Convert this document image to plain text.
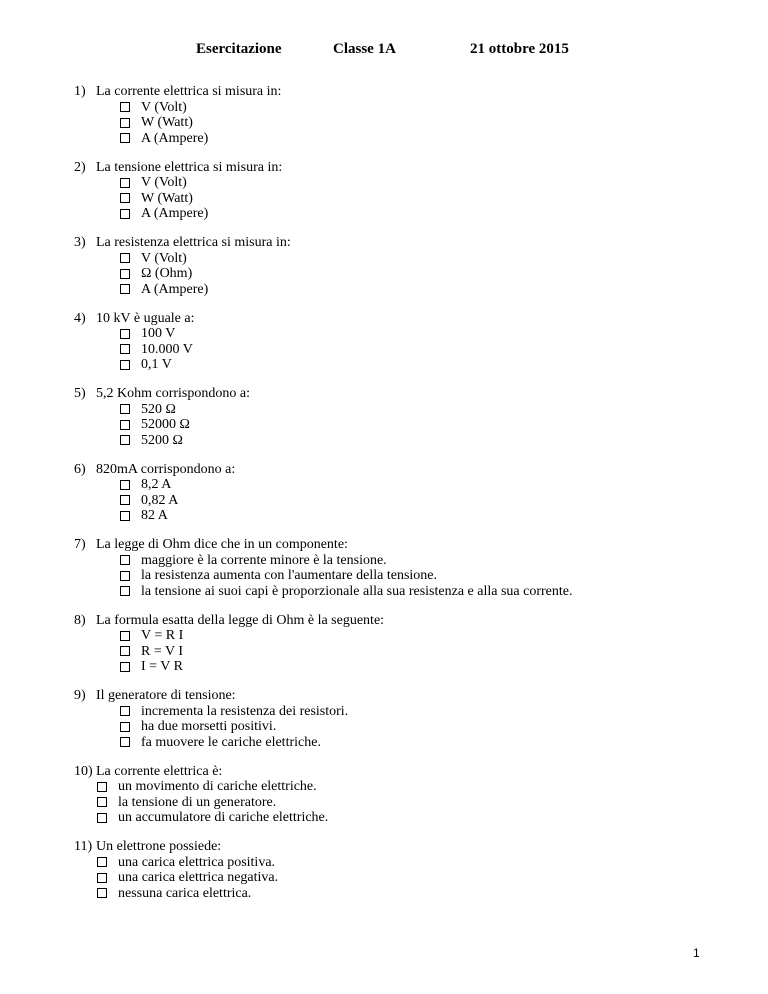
Esercitazione	Classe 1A	21 ottobre 2015
1) La corrente elettrica si misura in:
V (Volt)
W (Watt)
A (Ampere)
2) La tensione elettrica si misura in:
V (Volt)
W (Watt)
A (Ampere)
3) La resistenza elettrica si misura in:
V (Volt)
Ω (Ohm)
A (Ampere)
4) 10 kV è uguale a:
100 V
10.000 V
0,1 V
5) 5,2 Kohm corrispondono a:
520 Ω
52000 Ω
5200 Ω
6) 820mA corrispondono a:
8,2 A
0,82 A
82 A
7) La legge di Ohm dice che in un componente:
maggiore è la corrente minore è la tensione.
la resistenza aumenta con l'aumentare della tensione.
la tensione ai suoi capi è proporzionale alla sua resistenza e alla sua corrente.
8) La formula esatta della legge di Ohm è la seguente:
V = R I
R = V I
I = V R
9) Il generatore di tensione:
incrementa la resistenza dei resistori.
ha due morsetti positivi.
fa muovere le cariche elettriche.
10) La corrente elettrica è:
un movimento di cariche elettriche.
la tensione di un generatore.
un accumulatore di cariche elettriche.
11) Un elettrone possiede:
una carica elettrica positiva.
una carica elettrica negativa.
nessuna carica elettrica.
1
